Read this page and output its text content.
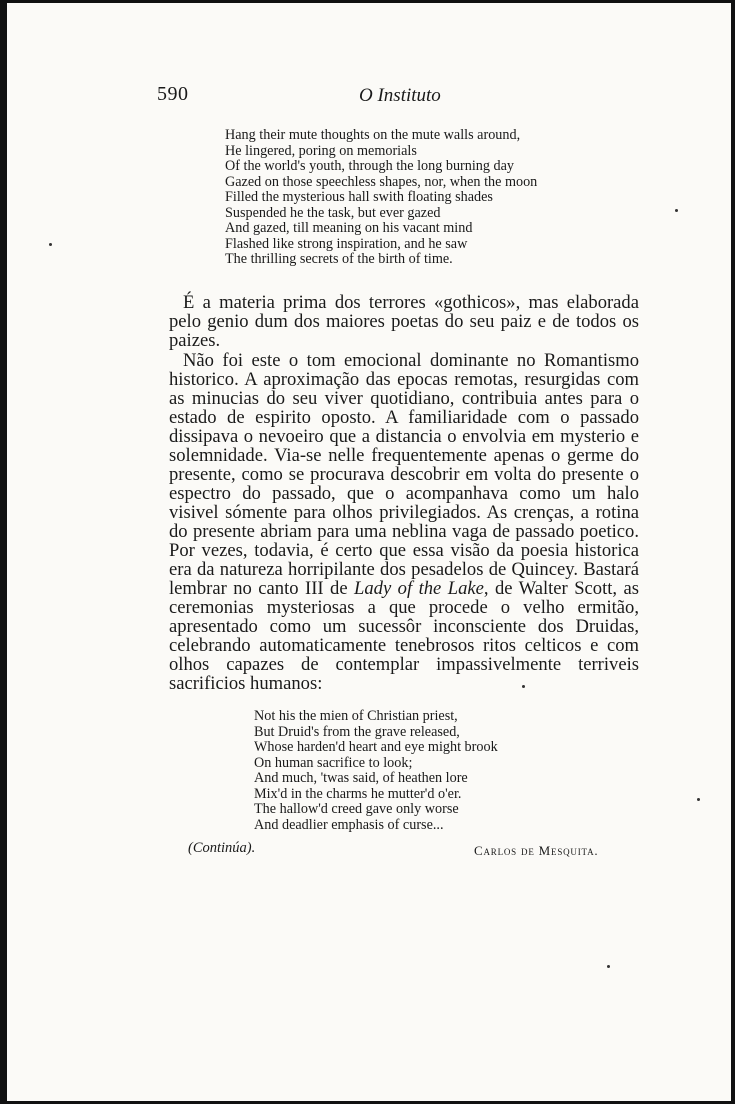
590	O Instituto
Hang their mute thoughts on the mute walls around,
He lingered, poring on memorials
Of the world's youth, through the long burning day
Gazed on those speechless shapes, nor, when the moon
Filled the mysterious hall swith floating shades
Suspended he the task, but ever gazed
And gazed, till meaning on his vacant mind
Flashed like strong inspiration, and he saw
The thrilling secrets of the birth of time.

É a materia prima dos terrores «gothicos», mas elaborada pelo genio dum dos maiores poetas do seu paiz e de todos os paizes.

Não foi este o tom emocional dominante no Romantismo historico. A aproximação das epocas remotas, resurgidas com as minucias do seu viver quotidiano, contribuia antes para o estado de espirito oposto. A familiaridade com o passado dissipava o nevoeiro que a distancia o envolvia em mysterio e solemnidade. Via-se nelle frequentemente apenas o germe do presente, como se procurava descobrir em volta do presente o espectro do passado, que o acompanhava como um halo visivel sómente para olhos privilegiados. As crenças, a rotina do presente abriam para uma neblina vaga de passado poetico. Por vezes, todavia, é certo que essa visão da poesia historica era da natureza horripilante dos pesadelos de Quincey. Bastará lembrar no canto III de Lady of the Lake, de Walter Scott, as ceremonias mysteriosas a que procede o velho ermitão, apresentado como um sucessôr inconsciente dos Druidas, celebrando automaticamente tenebrosos ritos celticos e com olhos capazes de contemplar impassivelmente terriveis sacrificios humanos:

Not his the mien of Christian priest,
But Druid's from the grave released,
Whose harden'd heart and eye might brook
On human sacrifice to look;
And much, 'twas said, of heathen lore
Mix'd in the charms he mutter'd o'er.
The hallow'd creed gave only worse
And deadlier emphasis of curse...
(Continúa).	Carlos de Mesquita.
